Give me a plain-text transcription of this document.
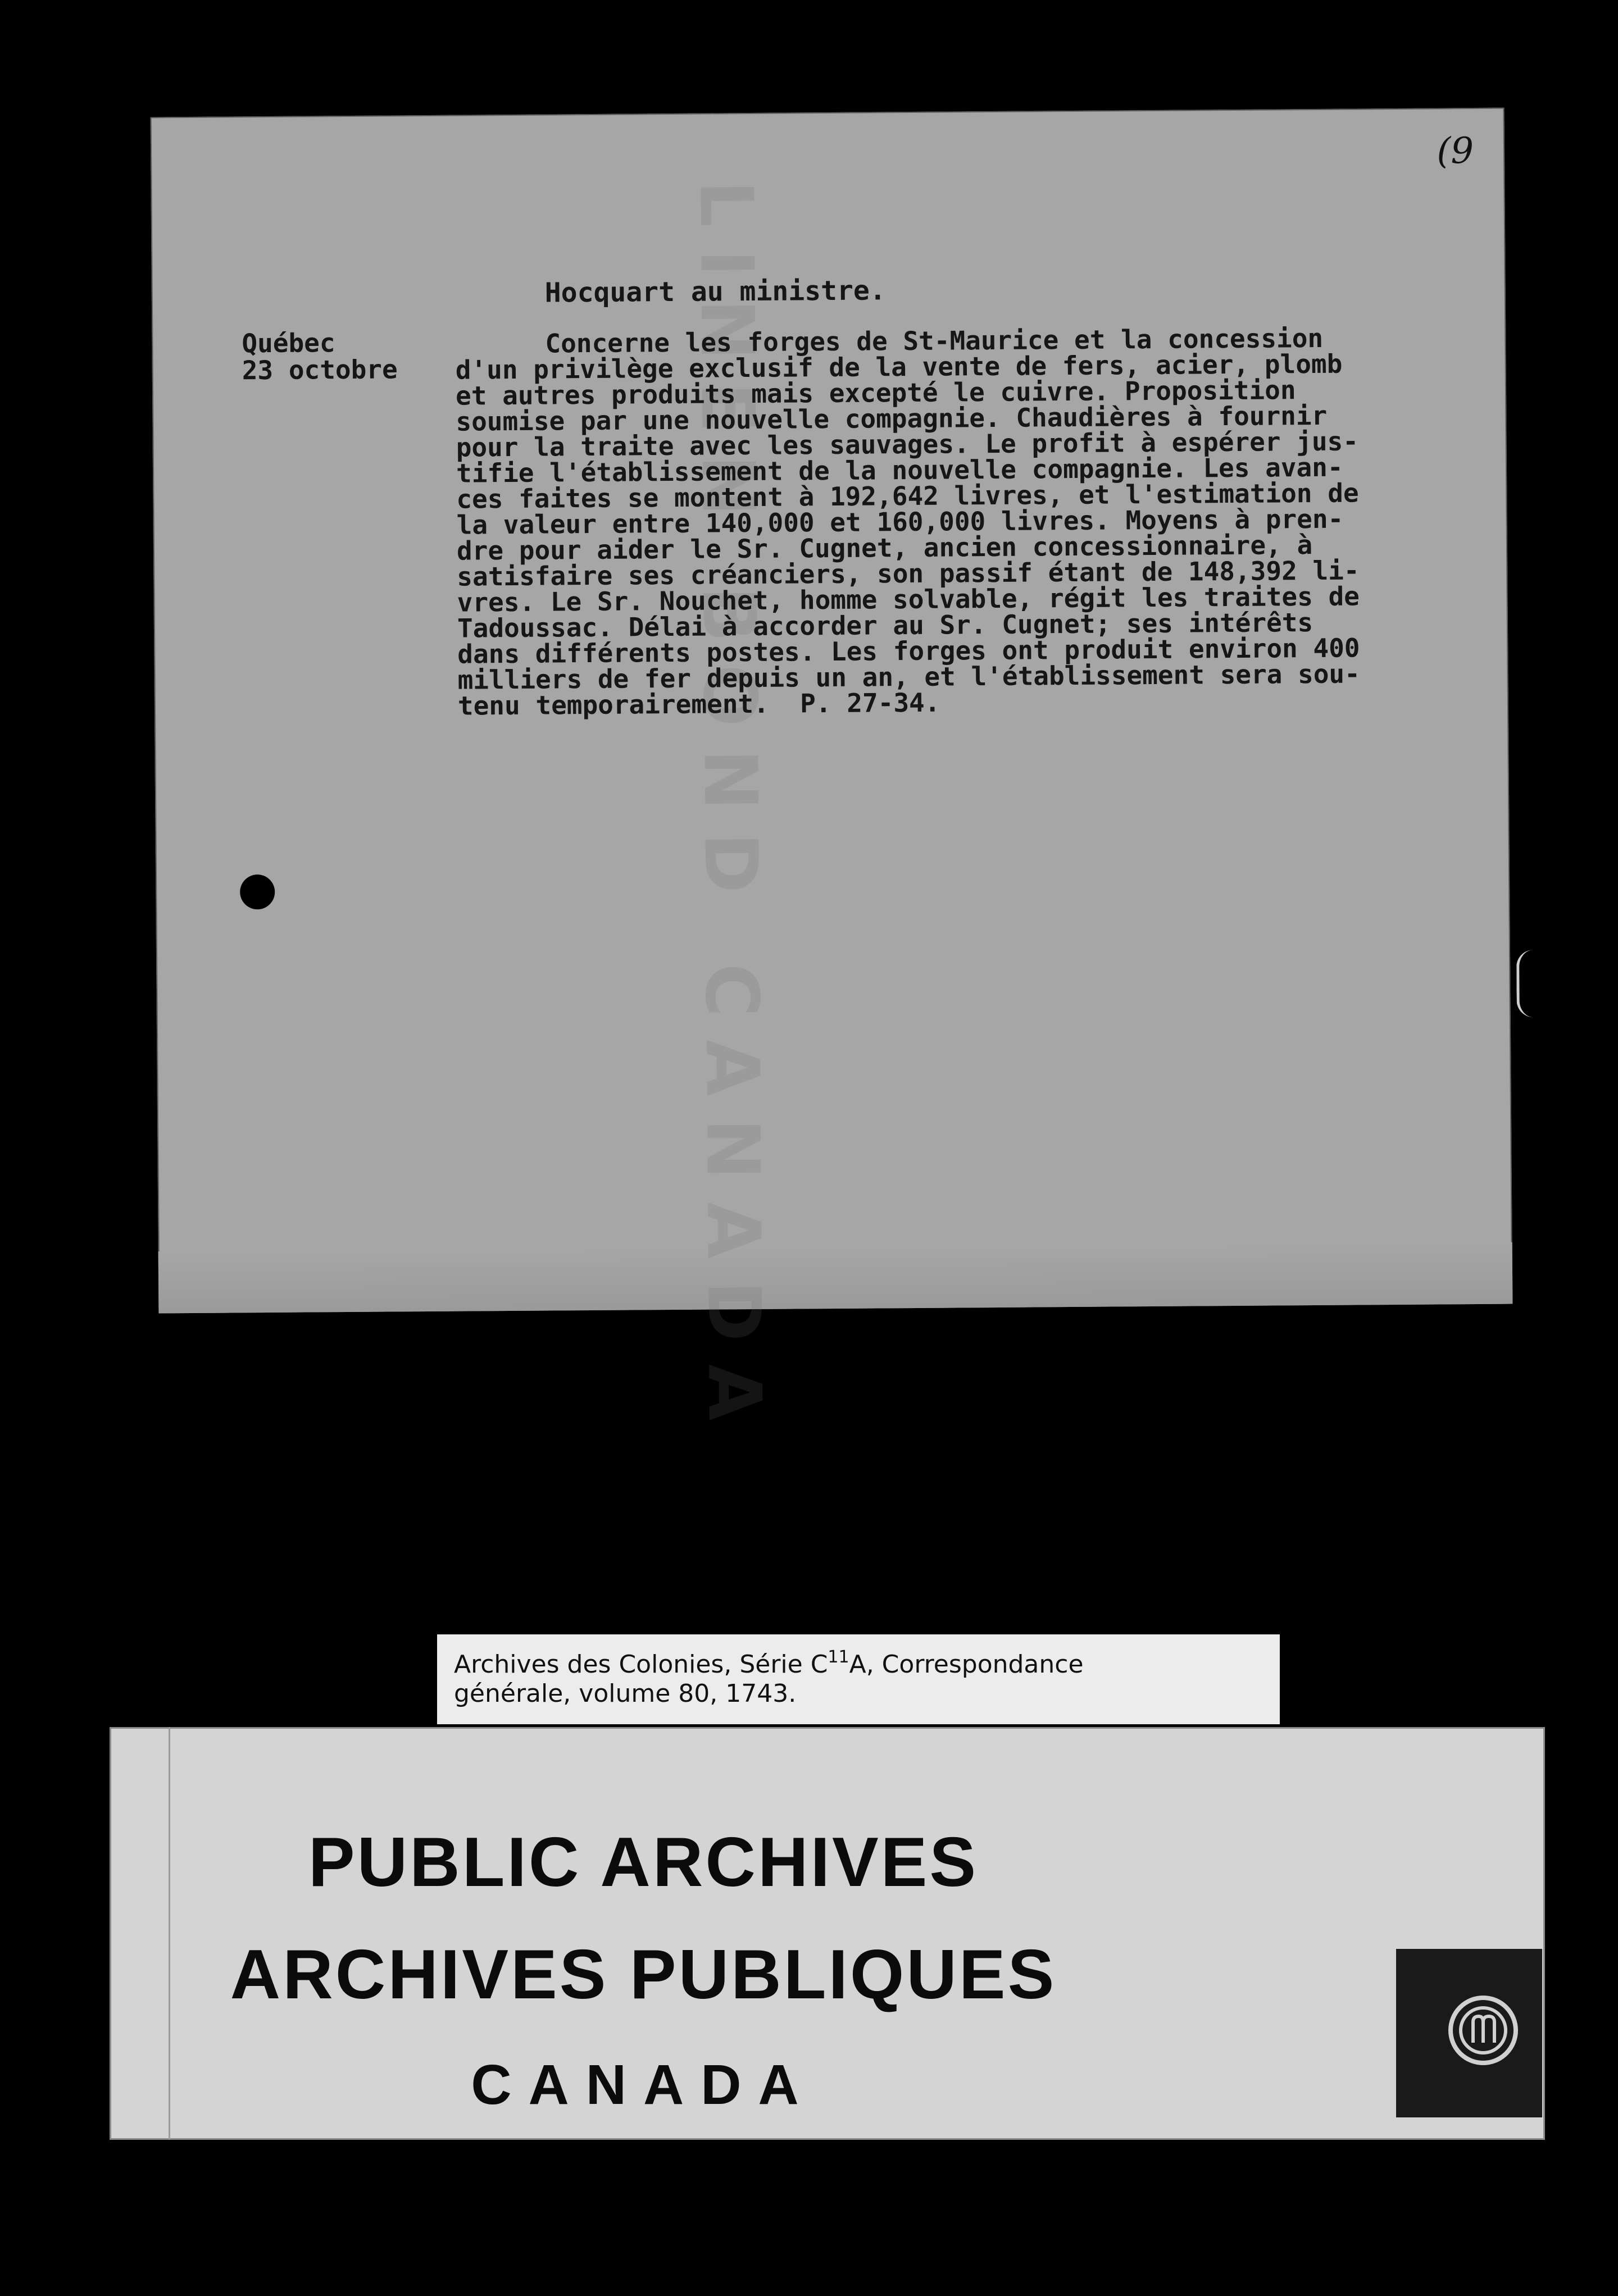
LINEN BOND CANADA
(9
Hocquart au ministre.
Québec
23 octobre
Concerne les forges de St-Maurice et la concession
d'un privilège exclusif de la vente de fers, acier, plomb
et autres produits mais excepté le cuivre. Proposition
soumise par une nouvelle compagnie. Chaudières à fournir
pour la traite avec les sauvages. Le profit à espérer jus-
tifie l'établissement de la nouvelle compagnie. Les avan-
ces faites se montent à 192,642 livres, et l'estimation de
la valeur entre 140,000 et 160,000 livres. Moyens à pren-
dre pour aider le Sr. Cugnet, ancien concessionnaire, à
satisfaire ses créanciers, son passif étant de 148,392 li-
vres. Le Sr. Nouchet, homme solvable, régit les traites de
Tadoussac. Délai à accorder au Sr. Cugnet; ses intérêts
dans différents postes. Les forges ont produit environ 400
milliers de fer depuis un an, et l'établissement sera sou-
tenu temporairement.  P. 27-34.
Archives des Colonies, Série $C^{11}A$, Correspondance
générale, volume 80, 1743.
PUBLIC ARCHIVES
ARCHIVES PUBLIQUES
CANADA
